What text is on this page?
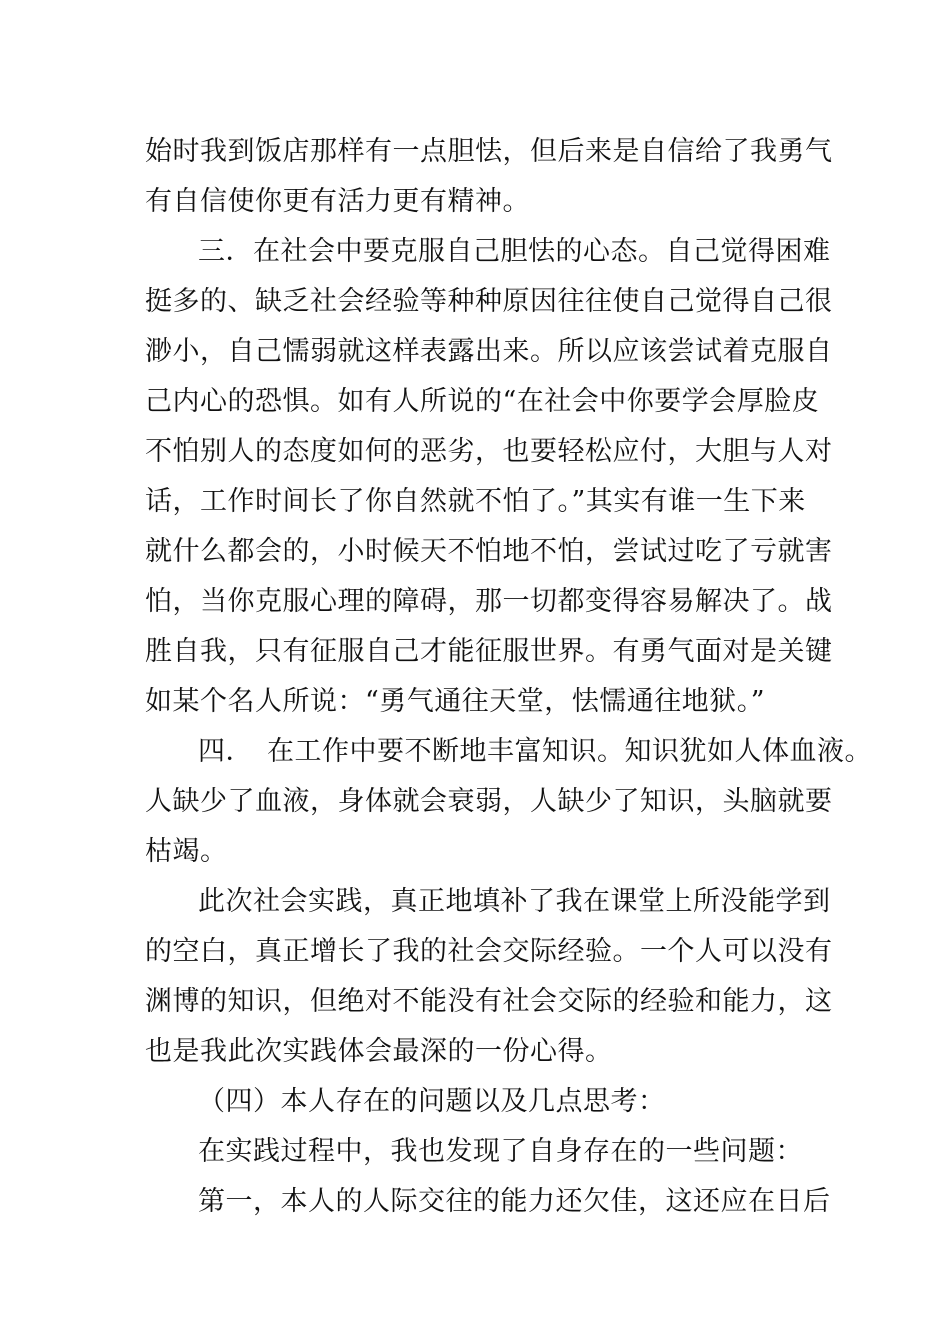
始时我到饭店那样有一点胆怯，但后来是自信给了我勇气
有自信使你更有活力更有精神。
三．在社会中要克服自己胆怯的心态。自己觉得困难
挺多的、缺乏社会经验等种种原因往往使自己觉得自己很
渺小，自己懦弱就这样表露出来。所以应该尝试着克服自
己内心的恐惧。如有人所说的“在社会中你要学会厚脸皮
不怕别人的态度如何的恶劣，也要轻松应付，大胆与人对
话，工作时间长了你自然就不怕了。”其实有谁一生下来
就什么都会的，小时候天不怕地不怕，尝试过吃了亏就害
怕，当你克服心理的障碍，那一切都变得容易解决了。战
胜自我，只有征服自己才能征服世界。有勇气面对是关键
如某个名人所说：“勇气通往天堂，怯懦通往地狱。”
四．　在工作中要不断地丰富知识。知识犹如人体血液。
人缺少了血液，身体就会衰弱，人缺少了知识，头脑就要
枯竭。
此次社会实践，真正地填补了我在课堂上所没能学到
的空白，真正增长了我的社会交际经验。一个人可以没有
渊博的知识，但绝对不能没有社会交际的经验和能力，这
也是我此次实践体会最深的一份心得。
（四）本人存在的问题以及几点思考：
在实践过程中，我也发现了自身存在的一些问题：
第一，本人的人际交往的能力还欠佳，这还应在日后
